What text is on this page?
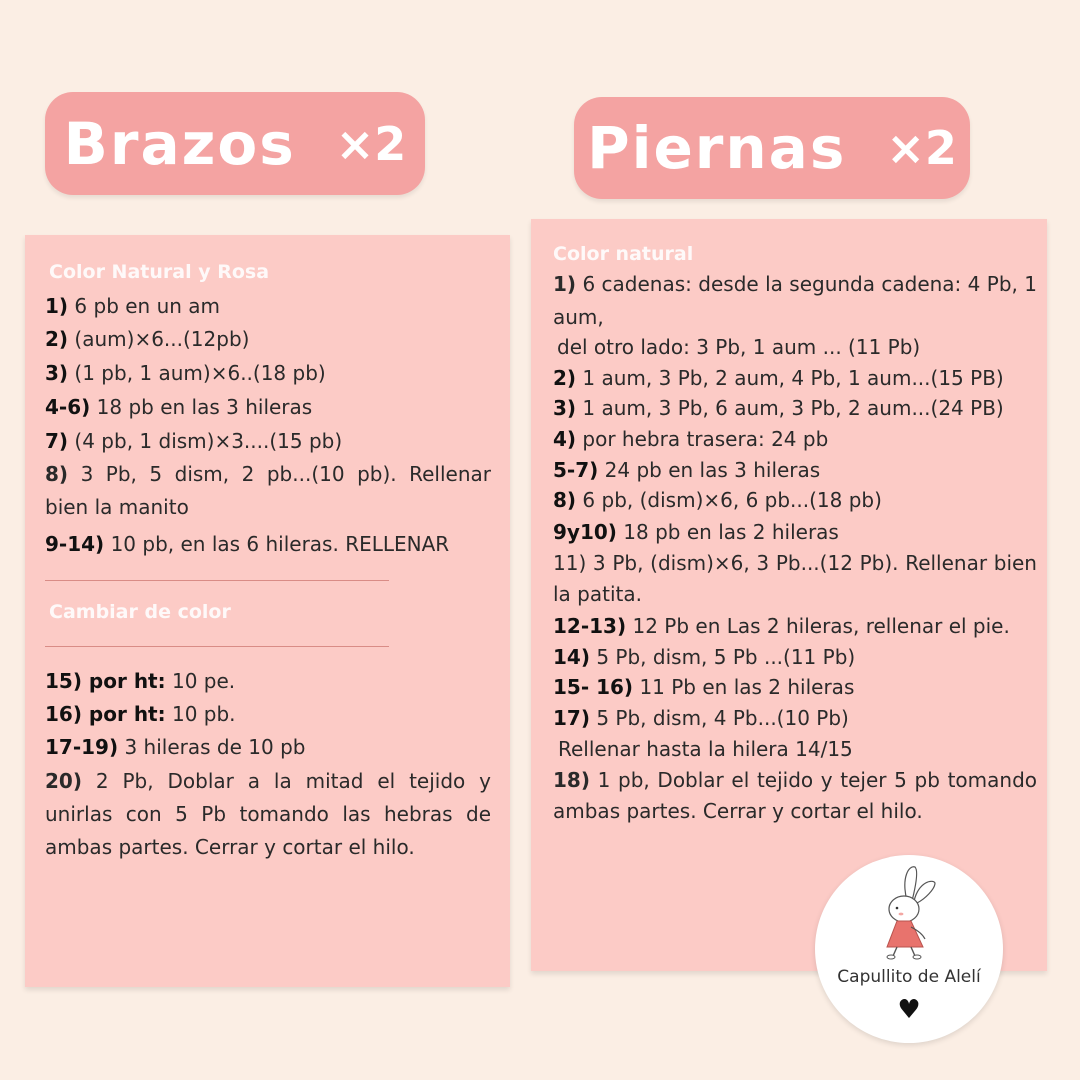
Brazos ×2	Piernas ×2
Color Natural y Rosa
1) 6 pb en un am
2) (aum)×6...(12pb)
3) (1 pb, 1 aum)×6..(18 pb)
4-6) 18 pb en las 3 hileras
7) (4 pb, 1 dism)×3....(15 pb)
8) 3 Pb, 5 dism, 2 pb...(10 pb). Rellenar bien la manito
9-14) 10 pb, en las 6 hileras. RELLENAR
Cambiar de color
15) por ht: 10 pe.
16) por ht: 10 pb.
17-19) 3 hileras de 10 pb
20) 2 Pb, Doblar a la mitad el tejido y unirlas con 5 Pb tomando las hebras de ambas partes. Cerrar y cortar el hilo.
Color natural
1) 6 cadenas: desde la segunda cadena: 4 Pb, 1 aum,
del otro lado: 3 Pb, 1 aum ... (11 Pb)
2) 1 aum, 3 Pb, 2 aum, 4 Pb, 1 aum...(15 PB)
3) 1 aum, 3 Pb, 6 aum, 3 Pb, 2 aum...(24 PB)
4) por hebra trasera: 24 pb
5-7) 24 pb en las 3 hileras
8) 6 pb, (dism)×6, 6 pb...(18 pb)
9y10) 18 pb en las 2 hileras
11) 3 Pb, (dism)×6, 3 Pb...(12 Pb). Rellenar bien la patita.
12-13) 12 Pb en Las 2 hileras, rellenar el pie.
14) 5 Pb, dism, 5 Pb ...(11 Pb)
15- 16) 11 Pb en las 2 hileras
17) 5 Pb, dism, 4 Pb...(10 Pb)
Rellenar hasta la hilera 14/15
18) 1 pb, Doblar el tejido y tejer 5 pb tomando ambas partes. Cerrar y cortar el hilo.
Capullito de Alelí
♥
